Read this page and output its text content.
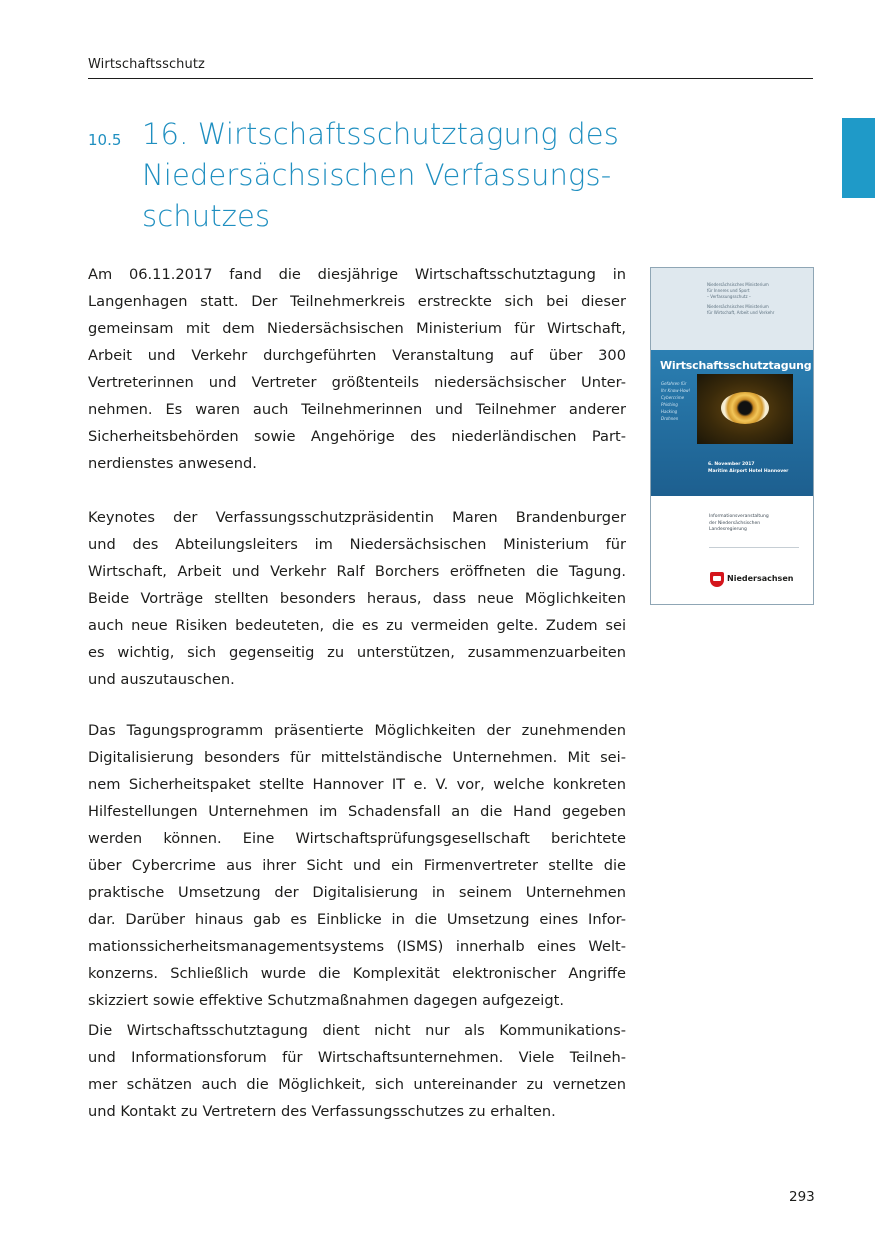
Wirtschaftsschutz
10.5 16. Wirtschaftsschutztagung des
Niedersächsischen Verfassungs-
schutzes
Am 06.11.2017 fand die diesjährige Wirtschaftsschutztagung in
Langenhagen statt. Der Teilnehmerkreis erstreckte sich bei dieser
gemeinsam mit dem Niedersächsischen Ministerium für Wirtschaft,
Arbeit und Verkehr durchgeführten Veranstaltung auf über 300
Vertreterinnen und Vertreter größtenteils niedersächsischer Unter-
nehmen. Es waren auch Teilnehmerinnen und Teilnehmer anderer
Sicherheitsbehörden sowie Angehörige des niederländischen Part-
nerdienstes anwesend.
Keynotes der Verfassungsschutzpräsidentin Maren Brandenburger
und des Abteilungsleiters im Niedersächsischen Ministerium für
Wirtschaft, Arbeit und Verkehr Ralf Borchers eröffneten die Tagung.
Beide Vorträge stellten besonders heraus, dass neue Möglichkeiten
auch neue Risiken bedeuteten, die es zu vermeiden gelte. Zudem sei
es wichtig, sich gegenseitig zu unterstützen, zusammenzuarbeiten
und auszutauschen.
Das Tagungsprogramm präsentierte Möglichkeiten der zunehmenden
Digitalisierung besonders für mittelständische Unternehmen. Mit sei-
nem Sicherheitspaket stellte Hannover IT e. V. vor, welche konkreten
Hilfestellungen Unternehmen im Schadensfall an die Hand gegeben
werden können. Eine Wirtschaftsprüfungsgesellschaft berichtete
über Cybercrime aus ihrer Sicht und ein Firmenvertreter stellte die
praktische Umsetzung der Digitalisierung in seinem Unternehmen
dar. Darüber hinaus gab es Einblicke in die Umsetzung eines Infor-
mationssicherheitsmanagementsystems (ISMS) innerhalb eines Welt-
konzerns. Schließlich wurde die Komplexität elektronischer Angriffe
skizziert sowie effektive Schutzmaßnahmen dagegen aufgezeigt.
Die Wirtschaftsschutztagung dient nicht nur als Kommunikations-
und Informationsforum für Wirtschaftsunternehmen. Viele Teilneh-
mer schätzen auch die Möglichkeit, sich untereinander zu vernetzen
und Kontakt zu Vertretern des Verfassungsschutzes zu erhalten.
Niedersächsisches Ministerium
für Inneres und Sport
– Verfassungsschutz –
Niedersächsisches Ministerium
für Wirtschaft, Arbeit und Verkehr
Wirtschaftsschutztagung
Gefahren für
Ihr Know-How!
Cybercrime
Phishing
Hacking
Drohnen
6. November 2017
Maritim Airport Hotel Hannover
Informationsveranstaltung
der Niedersächsischen
Landesregierung
Niedersachsen
293
